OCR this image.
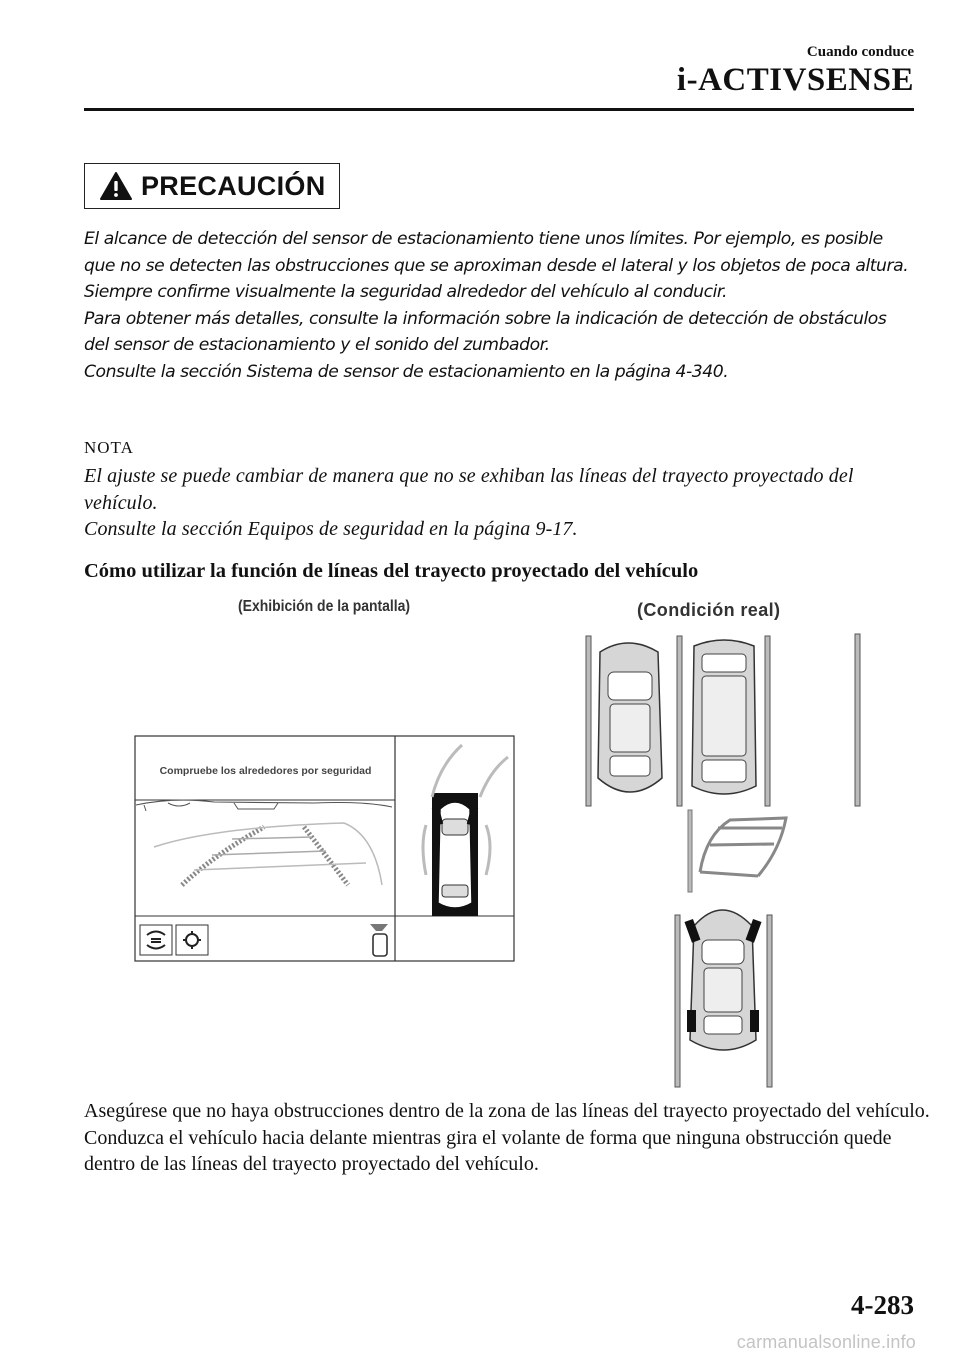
Cuando conduce
i-ACTIVSENSE
PRECAUCIÓN

El alcance de detección del sensor de estacionamiento tiene unos límites. Por ejemplo, es posible que no se detecten las obstrucciones que se aproximan desde el lateral y los objetos de poca altura. Siempre confirme visualmente la seguridad alrededor del vehículo al conducir.

Para obtener más detalles, consulte la información sobre la indicación de detección de obstáculos del sensor de estacionamiento y el sonido del zumbador.

Consulte la sección Sistema de sensor de estacionamiento en la página 4-340.

NOTA

El ajuste se puede cambiar de manera que no se exhiban las líneas del trayecto proyectado del vehículo.

Consulte la sección Equipos de seguridad en la página 9-17.

Cómo utilizar la función de líneas del trayecto proyectado del vehículo
(Exhibición de la pantalla)	(Condición real)
Compruebe los alrededores por seguridad

Asegúrese que no haya obstrucciones dentro de la zona de las líneas del trayecto proyectado del vehículo.

Conduzca el vehículo hacia delante mientras gira el volante de forma que ninguna obstrucción quede dentro de las líneas del trayecto proyectado del vehículo.

4-283
carmanualsonline.info
